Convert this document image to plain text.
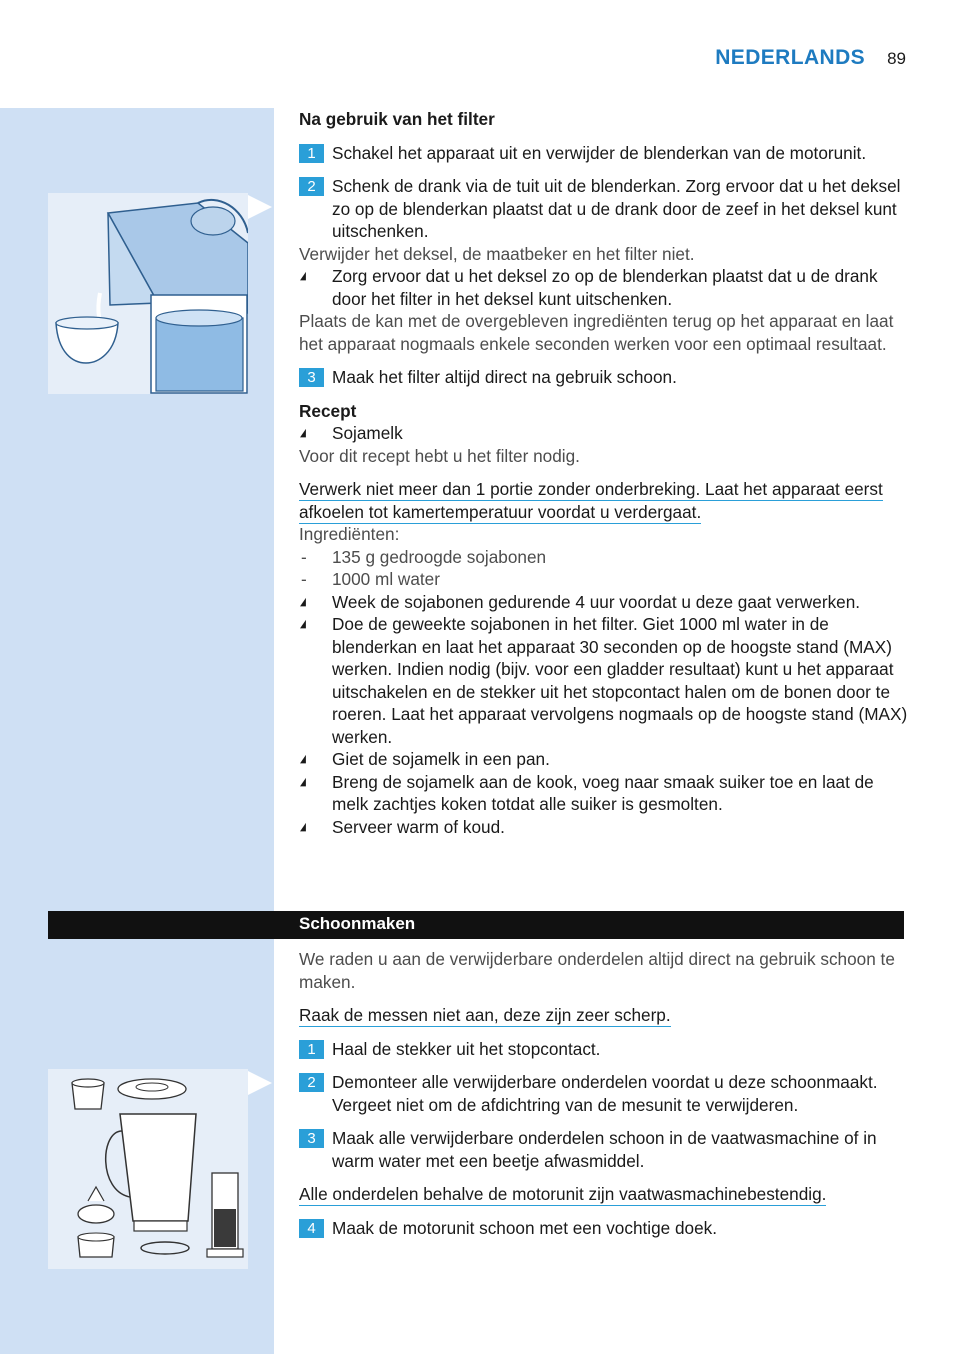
NEDERLANDS 89
Na gebruik van het filter
1 Schakel het apparaat uit en verwijder de blenderkan van de motorunit.
2 Schenk de drank via de tuit uit de blenderkan. Zorg ervoor dat u het deksel zo op de blenderkan plaatst dat u de drank door de zeef in het deksel kunt uitschenken.
Verwijder het deksel, de maatbeker en het filter niet.
◢ Zorg ervoor dat u het deksel zo op de blenderkan plaatst dat u de drank door het filter in het deksel kunt uitschenken.
Plaats de kan met de overgebleven ingrediënten terug op het apparaat en laat het apparaat nogmaals enkele seconden werken voor een optimaal resultaat.
3 Maak het filter altijd direct na gebruik schoon.
Recept
◢ Sojamelk
Voor dit recept hebt u het filter nodig.
Verwerk niet meer dan 1 portie zonder onderbreking. Laat het apparaat eerst afkoelen tot kamertemperatuur voordat u verdergaat.
Ingrediënten:
- 135 g gedroogde sojabonen
- 1000 ml water
◢ Week de sojabonen gedurende 4 uur voordat u deze gaat verwerken.
◢ Doe de geweekte sojabonen in het filter. Giet 1000 ml water in de blenderkan en laat het apparaat 30 seconden op de hoogste stand (MAX) werken. Indien nodig (bijv. voor een gladder resultaat) kunt u het apparaat uitschakelen en de stekker uit het stopcontact halen om de bonen door te roeren. Laat het apparaat vervolgens nogmaals op de hoogste stand (MAX) werken.
◢ Giet de sojamelk in een pan.
◢ Breng de sojamelk aan de kook, voeg naar smaak suiker toe en laat de melk zachtjes koken totdat alle suiker is gesmolten.
◢ Serveer warm of koud.
Schoonmaken
We raden u aan de verwijderbare onderdelen altijd direct na gebruik schoon te maken.
Raak de messen niet aan, deze zijn zeer scherp.
1 Haal de stekker uit het stopcontact.
2 Demonteer alle verwijderbare onderdelen voordat u deze schoonmaakt. Vergeet niet om de afdichtring van de mesunit te verwijderen.
3 Maak alle verwijderbare onderdelen schoon in de vaatwasmachine of in warm water met een beetje afwasmiddel.
Alle onderdelen behalve de motorunit zijn vaatwasmachinebestendig.
4 Maak de motorunit schoon met een vochtige doek.
